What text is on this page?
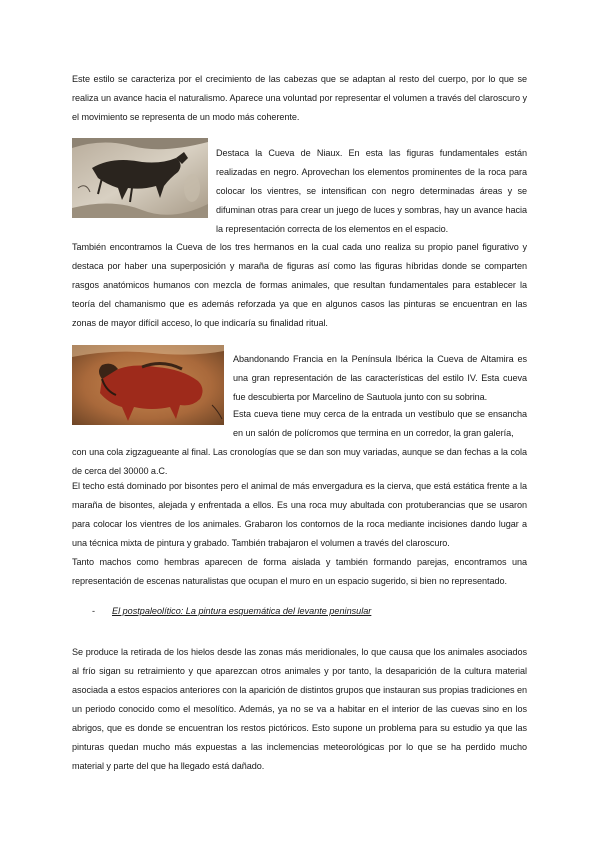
Este estilo se caracteriza por el crecimiento de las cabezas que se adaptan al resto del cuerpo, por lo que se realiza un avance hacia el naturalismo. Aparece una voluntad por representar el volumen a través del claroscuro y el movimiento se representa de un modo más coherente.
Destaca la Cueva de Niaux. En esta las figuras fundamentales están realizadas en negro. Aprovechan los elementos prominentes de la roca para colocar los vientres, se intensifican con negro determinadas áreas y se difuminan otras para crear un juego de luces y sombras, hay un avance hacia la representación correcta de los elementos en el espacio.
También encontramos la Cueva de los tres hermanos en la cual cada uno realiza su propio panel figurativo y destaca por haber una superposición y maraña de figuras así como las figuras híbridas donde se comparten rasgos anatómicos humanos con mezcla de formas animales, que resultan fundamentales para establecer la teoría del chamanismo que es además reforzada ya que en algunos casos las pinturas se encuentran en las zonas de mayor difícil acceso, lo que indicaría su finalidad ritual.
Abandonando Francia en la Península Ibérica la Cueva de Altamira es una gran representación de las características del estilo IV. Esta cueva fue descubierta por Marcelino de Sautuola junto con su sobrina.
Esta cueva tiene muy cerca de la entrada un vestíbulo que se ensancha en un salón de polícromos que termina en un corredor, la gran galería,
con una cola zigzagueante al final. Las cronologías que se dan son muy variadas, aunque se dan fechas a la cola de cerca del 30000 a.C.
El techo está dominado por bisontes pero el animal de más envergadura es la cierva, que está estática frente a la maraña de bisontes, alejada y enfrentada a ellos. Es una roca muy abultada con protuberancias que se usaron para colocar los vientres de los animales. Grabaron los contornos de la roca mediante incisiones dando lugar a una técnica mixta de pintura y grabado. También trabajaron el volumen a través del claroscuro.
Tanto machos como hembras aparecen de forma aislada y también formando parejas, encontramos una representación de escenas naturalistas que ocupan el muro en un espacio sugerido, si bien no representado.
- El postpaleolítico: La pintura esquemática del levante peninsular
Se produce la retirada de los hielos desde las zonas más meridionales, lo que causa que los animales asociados al frío sigan su retraimiento y que aparezcan otros animales y por tanto, la desaparición de la cultura material asociada a estos espacios anteriores con la aparición de distintos grupos que instauran sus propias tradiciones en un periodo conocido como el mesolítico. Además, ya no se va a habitar en el interior de las cuevas sino en los abrigos, que es donde se encuentran los restos pictóricos. Esto supone un problema para su estudio ya que las pinturas quedan mucho más expuestas a las inclemencias meteorológicas por lo que se ha perdido mucho material y parte del que ha llegado está dañado.
